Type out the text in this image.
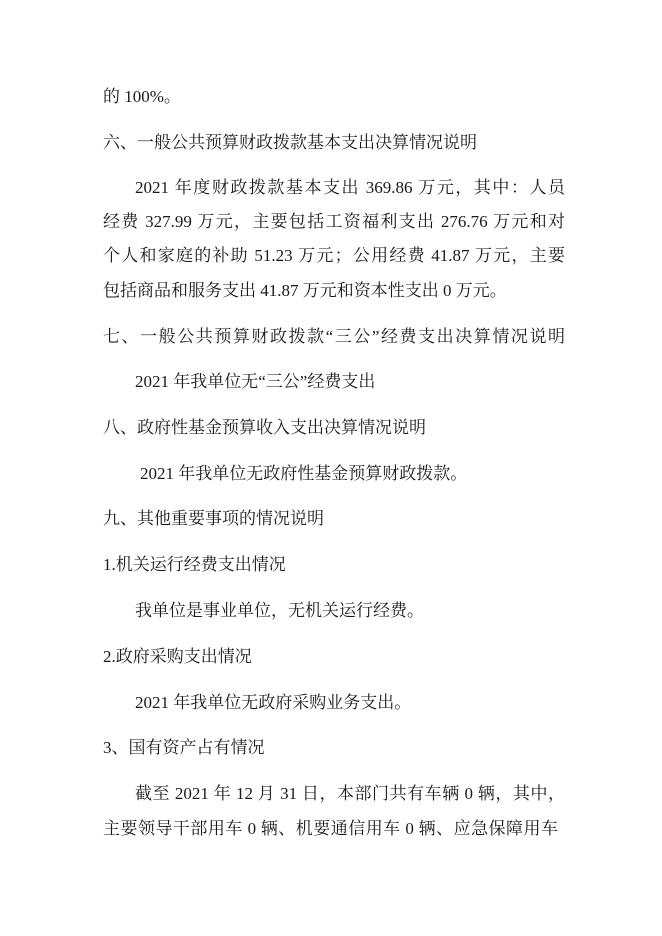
的 100%。
六、一般公共预算财政拨款基本支出决算情况说明
2021 年度财政拨款基本支出 369.86 万元，其中：人员
经费 327.99 万元，主要包括工资福利支出 276.76 万元和对
个人和家庭的补助 51.23 万元；公用经费 41.87 万元，主要
包括商品和服务支出 41.87 万元和资本性支出 0 万元。
七、一般公共预算财政拨款“三公”经费支出决算情况说明
2021 年我单位无“三公”经费支出
八、政府性基金预算收入支出决算情况说明
2021 年我单位无政府性基金预算财政拨款。
九、其他重要事项的情况说明
1.机关运行经费支出情况
我单位是事业单位，无机关运行经费。
2.政府采购支出情况
2021 年我单位无政府采购业务支出。
3、国有资产占有情况
截至 2021 年 12 月 31 日，本部门共有车辆 0 辆，其中，
主要领导干部用车 0 辆、机要通信用车 0 辆、应急保障用车
